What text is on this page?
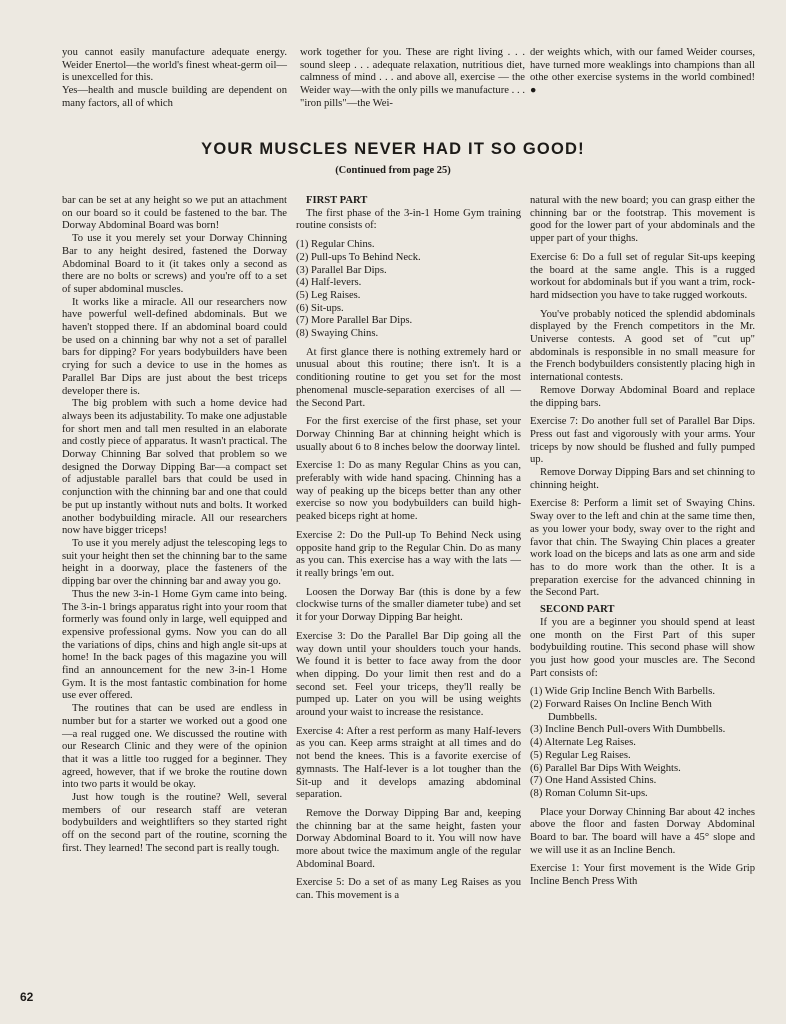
you cannot easily manufacture adequate energy. Weider Enertol—the world's finest wheat-germ oil—is unexcelled for this.

Yes—health and muscle building are dependent on many factors, all of which

work together for you. These are right living . . . sound sleep . . . adequate relaxation, nutritious diet, calmness of mind . . . and above all, exercise — the Weider way—with the only pills we manufacture . . . "iron pills"—the Wei-

der weights which, with our famed Weider courses, have turned more weaklings into champions than all othe other exercise systems in the world combined! ●

YOUR MUSCLES NEVER HAD IT SO GOOD!
(Continued from page 25)

bar can be set at any height so we put an attachment on our board so it could be fastened to the bar. The Dorway Abdominal Board was born!

To use it you merely set your Dorway Chinning Bar to any height desired, fastened the Dorway Abdominal Board to it (it takes only a second as there are no bolts or screws) and you're off to a set of super abdominal muscles.

It works like a miracle. All our researchers now have powerful well-defined abdominals. But we haven't stopped there. If an abdominal board could be used on a chinning bar why not a set of parallel bars for dipping? For years bodybuilders have been crying for such a device to use in the homes as Parallel Bar Dips are just about the best triceps developer there is.

The big problem with such a home device had always been its adjustability. To make one adjustable for short men and tall men resulted in an elaborate and costly piece of apparatus. It wasn't practical. The Dorway Chinning Bar solved that problem so we designed the Dorway Dipping Bar—a compact set of adjustable parallel bars that could be used in conjunction with the chinning bar and one that could be put up instantly without nuts and bolts. It worked another bodybuilding miracle. All our researchers now have bigger triceps!

To use it you merely adjust the telescoping legs to suit your height then set the chinning bar to the same height in a doorway, place the fasteners of the dipping bar over the chinning bar and away you go.

Thus the new 3-in-1 Home Gym came into being. The 3-in-1 brings apparatus right into your room that formerly was found only in large, well equipped and expensive professional gyms. Now you can do all the variations of dips, chins and high angle sit-ups at home! In the back pages of this magazine you will find an announcement for the new 3-in-1 Home Gym. It is the most fantastic combination for home use ever offered.

The routines that can be used are endless in number but for a starter we worked out a good one—a real rugged one. We discussed the routine with our Research Clinic and they were of the opinion that it was a little too rugged for a beginner. They agreed, however, that if we broke the routine down into two parts it would be okay.

Just how tough is the routine? Well, several members of our research staff are veteran bodybuilders and weightlifters so they started right off on the second part of the routine, scorning the first. They learned! The second part is really tough.

FIRST PART

The first phase of the 3-in-1 Home Gym training routine consists of:

(1) Regular Chins.
(2) Pull-ups To Behind Neck.
(3) Parallel Bar Dips.
(4) Half-levers.
(5) Leg Raises.
(6) Sit-ups.
(7) More Parallel Bar Dips.
(8) Swaying Chins.

At first glance there is nothing extremely hard or unusual about this routine; there isn't. It is a conditioning routine to get you set for the most phenomenal muscle-separation exercises of all — the Second Part.

For the first exercise of the first phase, set your Dorway Chinning Bar at chinning height which is usually about 6 to 8 inches below the doorway lintel.

Exercise 1: Do as many Regular Chins as you can, preferably with wide hand spacing. Chinning has a way of peaking up the biceps better than any other exercise so now you bodybuilders can build high-peaked biceps right at home.

Exercise 2: Do the Pull-up To Behind Neck using opposite hand grip to the Regular Chin. Do as many as you can. This exercise has a way with the lats — it really brings 'em out.

Loosen the Dorway Bar (this is done by a few clockwise turns of the smaller diameter tube) and set it for your Dorway Dipping Bar height.

Exercise 3: Do the Parallel Bar Dip going all the way down until your shoulders touch your hands. We found it is better to face away from the door when dipping. Do your limit then rest and do a second set. Feel your triceps, they'll really be pumped up. Later on you will be using weights around your waist to increase the resistance.

Exercise 4: After a rest perform as many Half-levers as you can. Keep arms straight at all times and do not bend the knees. This is a favorite exercise of gymnasts. The Half-lever is a lot tougher than the Sit-up and it develops amazing abdominal separation.

Remove the Dorway Dipping Bar and, keeping the chinning bar at the same height, fasten your Dorway Abdominal Board to it. You will now have more about twice the maximum angle of the regular Abdominal Board.

Exercise 5: Do a set of as many Leg Raises as you can. This movement is a

natural with the new board; you can grasp either the chinning bar or the footstrap. This movement is good for the lower part of your abdominals and the upper part of your thighs.

Exercise 6: Do a full set of regular Sit-ups keeping the board at the same angle. This is a rugged workout for abdominals but if you want a trim, rock-hard midsection you have to take rugged workouts.

You've probably noticed the splendid abdominals displayed by the French competitors in the Mr. Universe contests. A good set of "cut up" abdominals is responsible in no small measure for the French bodybuilders consistently placing high in international contests.

Remove Dorway Abdominal Board and replace the dipping bars.

Exercise 7: Do another full set of Parallel Bar Dips. Press out fast and vigorously with your arms. Your triceps by now should be flushed and fully pumped up.

Remove Dorway Dipping Bars and set chinning to chinning height.

Exercise 8: Perform a limit set of Swaying Chins. Sway over to the left and chin at the same time then, as you lower your body, sway over to the right and favor that chin. The Swaying Chin places a greater work load on the biceps and lats as one arm and side has to do more work than the other. It is a preparation exercise for the advanced chinning in the Second Part.

SECOND PART

If you are a beginner you should spend at least one month on the First Part of this super bodybuilding routine. This second phase will show you just how good your muscles are. The Second Part consists of:

(1) Wide Grip Incline Bench With Barbells.
(2) Forward Raises On Incline Bench With Dumbbells.
(3) Incline Bench Pull-overs With Dumbbells.
(4) Alternate Leg Raises.
(5) Regular Leg Raises.
(6) Parallel Bar Dips With Weights.
(7) One Hand Assisted Chins.
(8) Roman Column Sit-ups.

Place your Dorway Chinning Bar about 42 inches above the floor and fasten Dorway Abdominal Board to bar. The board will have a 45° slope and we will use it as an Incline Bench.

Exercise 1: Your first movement is the Wide Grip Incline Bench Press With

62
